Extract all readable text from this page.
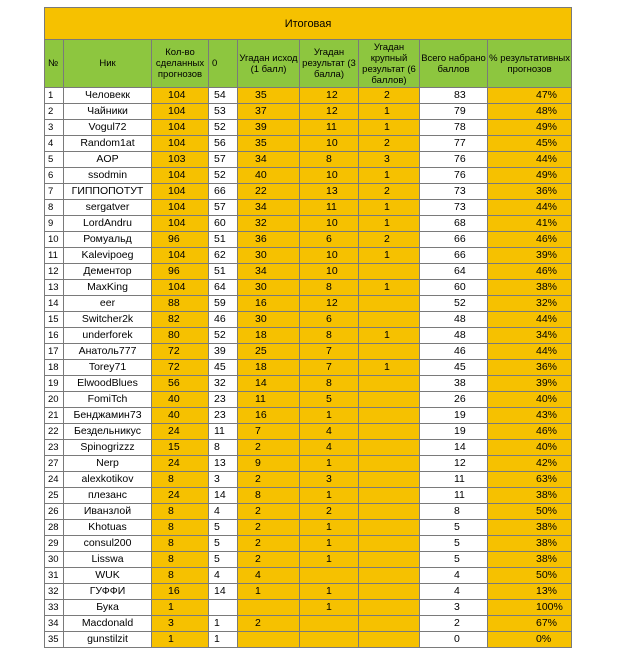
Итоговая								
№	Ник	Кол-во сделанных прогнозов	0	Угадан исход (1 балл)	Угадан результат (3 балла)	Угадан крупный результат (6 баллов)	Всего набрано баллов	% результативных прогнозов
1	Человекк	104	54	35	12	2	83	47%
2	Чайники	104	53	37	12	1	79	48%
3	Vogul72	104	52	39	11	1	78	49%
4	Random1at	104	56	35	10	2	77	45%
5	AOP	103	57	34	8	3	76	44%
6	ssodmin	104	52	40	10	1	76	49%
7	ГИППОПОТУТ	104	66	22	13	2	73	36%
8	sergatver	104	57	34	11	1	73	44%
9	LordAndru	104	60	32	10	1	68	41%
10	Ромуальд	96	51	36	6	2	66	46%
11	Kalevipoeg	104	62	30	10	1	66	39%
12	Дементор	96	51	34	10		64	46%
13	MaxKing	104	64	30	8	1	60	38%
14	eer	88	59	16	12		52	32%
15	Switcher2k	82	46	30	6		48	44%
16	underforek	80	52	18	8	1	48	34%
17	Анатоль777	72	39	25	7		46	44%
18	Torey71	72	45	18	7	1	45	36%
19	ElwoodBlues	56	32	14	8		38	39%
20	FomiTch	40	23	11	5		26	40%
21	Бенджамин73	40	23	16	1		19	43%
22	Бездельникус	24	11	7	4		19	46%
23	Spinogrizzz	15	8	2	4		14	40%
27	Nerp	24	13	9	1		12	42%
24	alexkotikov	8	3	2	3		11	63%
25	плезанс	24	14	8	1		11	38%
26	Иванзлой	8	4	2	2		8	50%
28	Khotuas	8	5	2	1		5	38%
29	consul200	8	5	2	1		5	38%
30	Lisswa	8	5	2	1		5	38%
31	WUK	8	4	4			4	50%
32	ГУФФИ	16	14	1	1		4	13%
33	Бука	1			1		3	100%
34	Macdonald	3	1	2			2	67%
35	gunstilzit	1	1				0	0%
